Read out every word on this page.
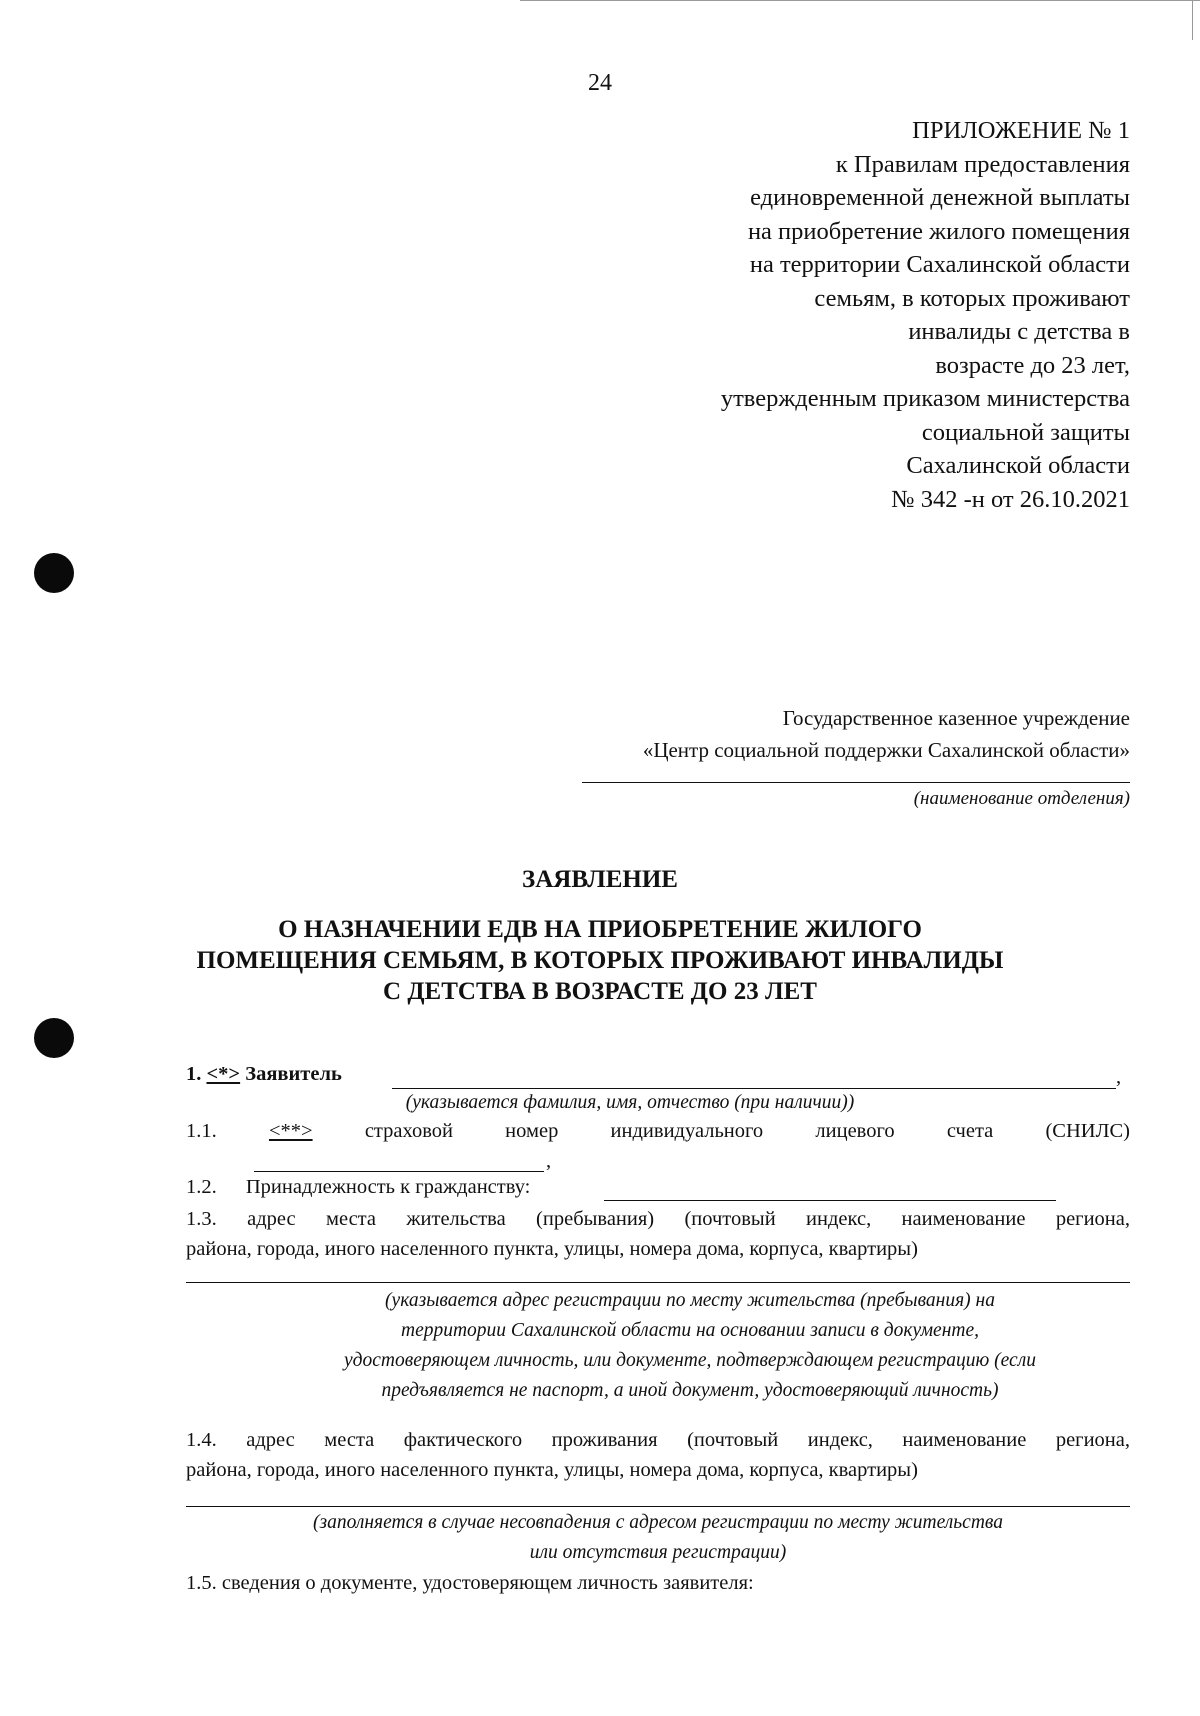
24
ПРИЛОЖЕНИЕ № 1
к Правилам предоставления
единовременной денежной выплаты
на приобретение жилого помещения
на территории Сахалинской области
семьям, в которых проживают
инвалиды с детства в
возрасте до 23 лет,
утвержденным приказом министерства
социальной защиты
Сахалинской области
№ 342 -н от 26.10.2021
Государственное казенное учреждение
«Центр социальной поддержки Сахалинской области»
(наименование отделения)
ЗАЯВЛЕНИЕ
О НАЗНАЧЕНИИ ЕДВ НА ПРИОБРЕТЕНИЕ ЖИЛОГО
ПОМЕЩЕНИЯ СЕМЬЯМ, В КОТОРЫХ ПРОЖИВАЮТ ИНВАЛИДЫ
С ДЕТСТВА В ВОЗРАСТЕ ДО 23 ЛЕТ
1. <*> Заявитель	,
(указывается фамилия, имя, отчество (при наличии))
1.1.	<**>	страховой	номер	индивидуального	лицевого	счета	(СНИЛС)
,
1.2. Принадлежность к гражданству:
1.3. адрес места жительства (пребывания) (почтовый индекс, наименование региона,
района, города, иного населенного пункта, улицы, номера дома, корпуса, квартиры)
(указывается адрес регистрации по месту жительства (пребывания) на
территории Сахалинской области на основании записи в документе,
удостоверяющем личность, или документе, подтверждающем регистрацию (если
предъявляется не паспорт, а иной документ, удостоверяющий личность)
1.4. адрес места фактического проживания (почтовый индекс, наименование региона,
района, города, иного населенного пункта, улицы, номера дома, корпуса, квартиры)
(заполняется в случае несовпадения с адресом регистрации по месту жительства
или отсутствия регистрации)
1.5. сведения о документе, удостоверяющем личность заявителя:
